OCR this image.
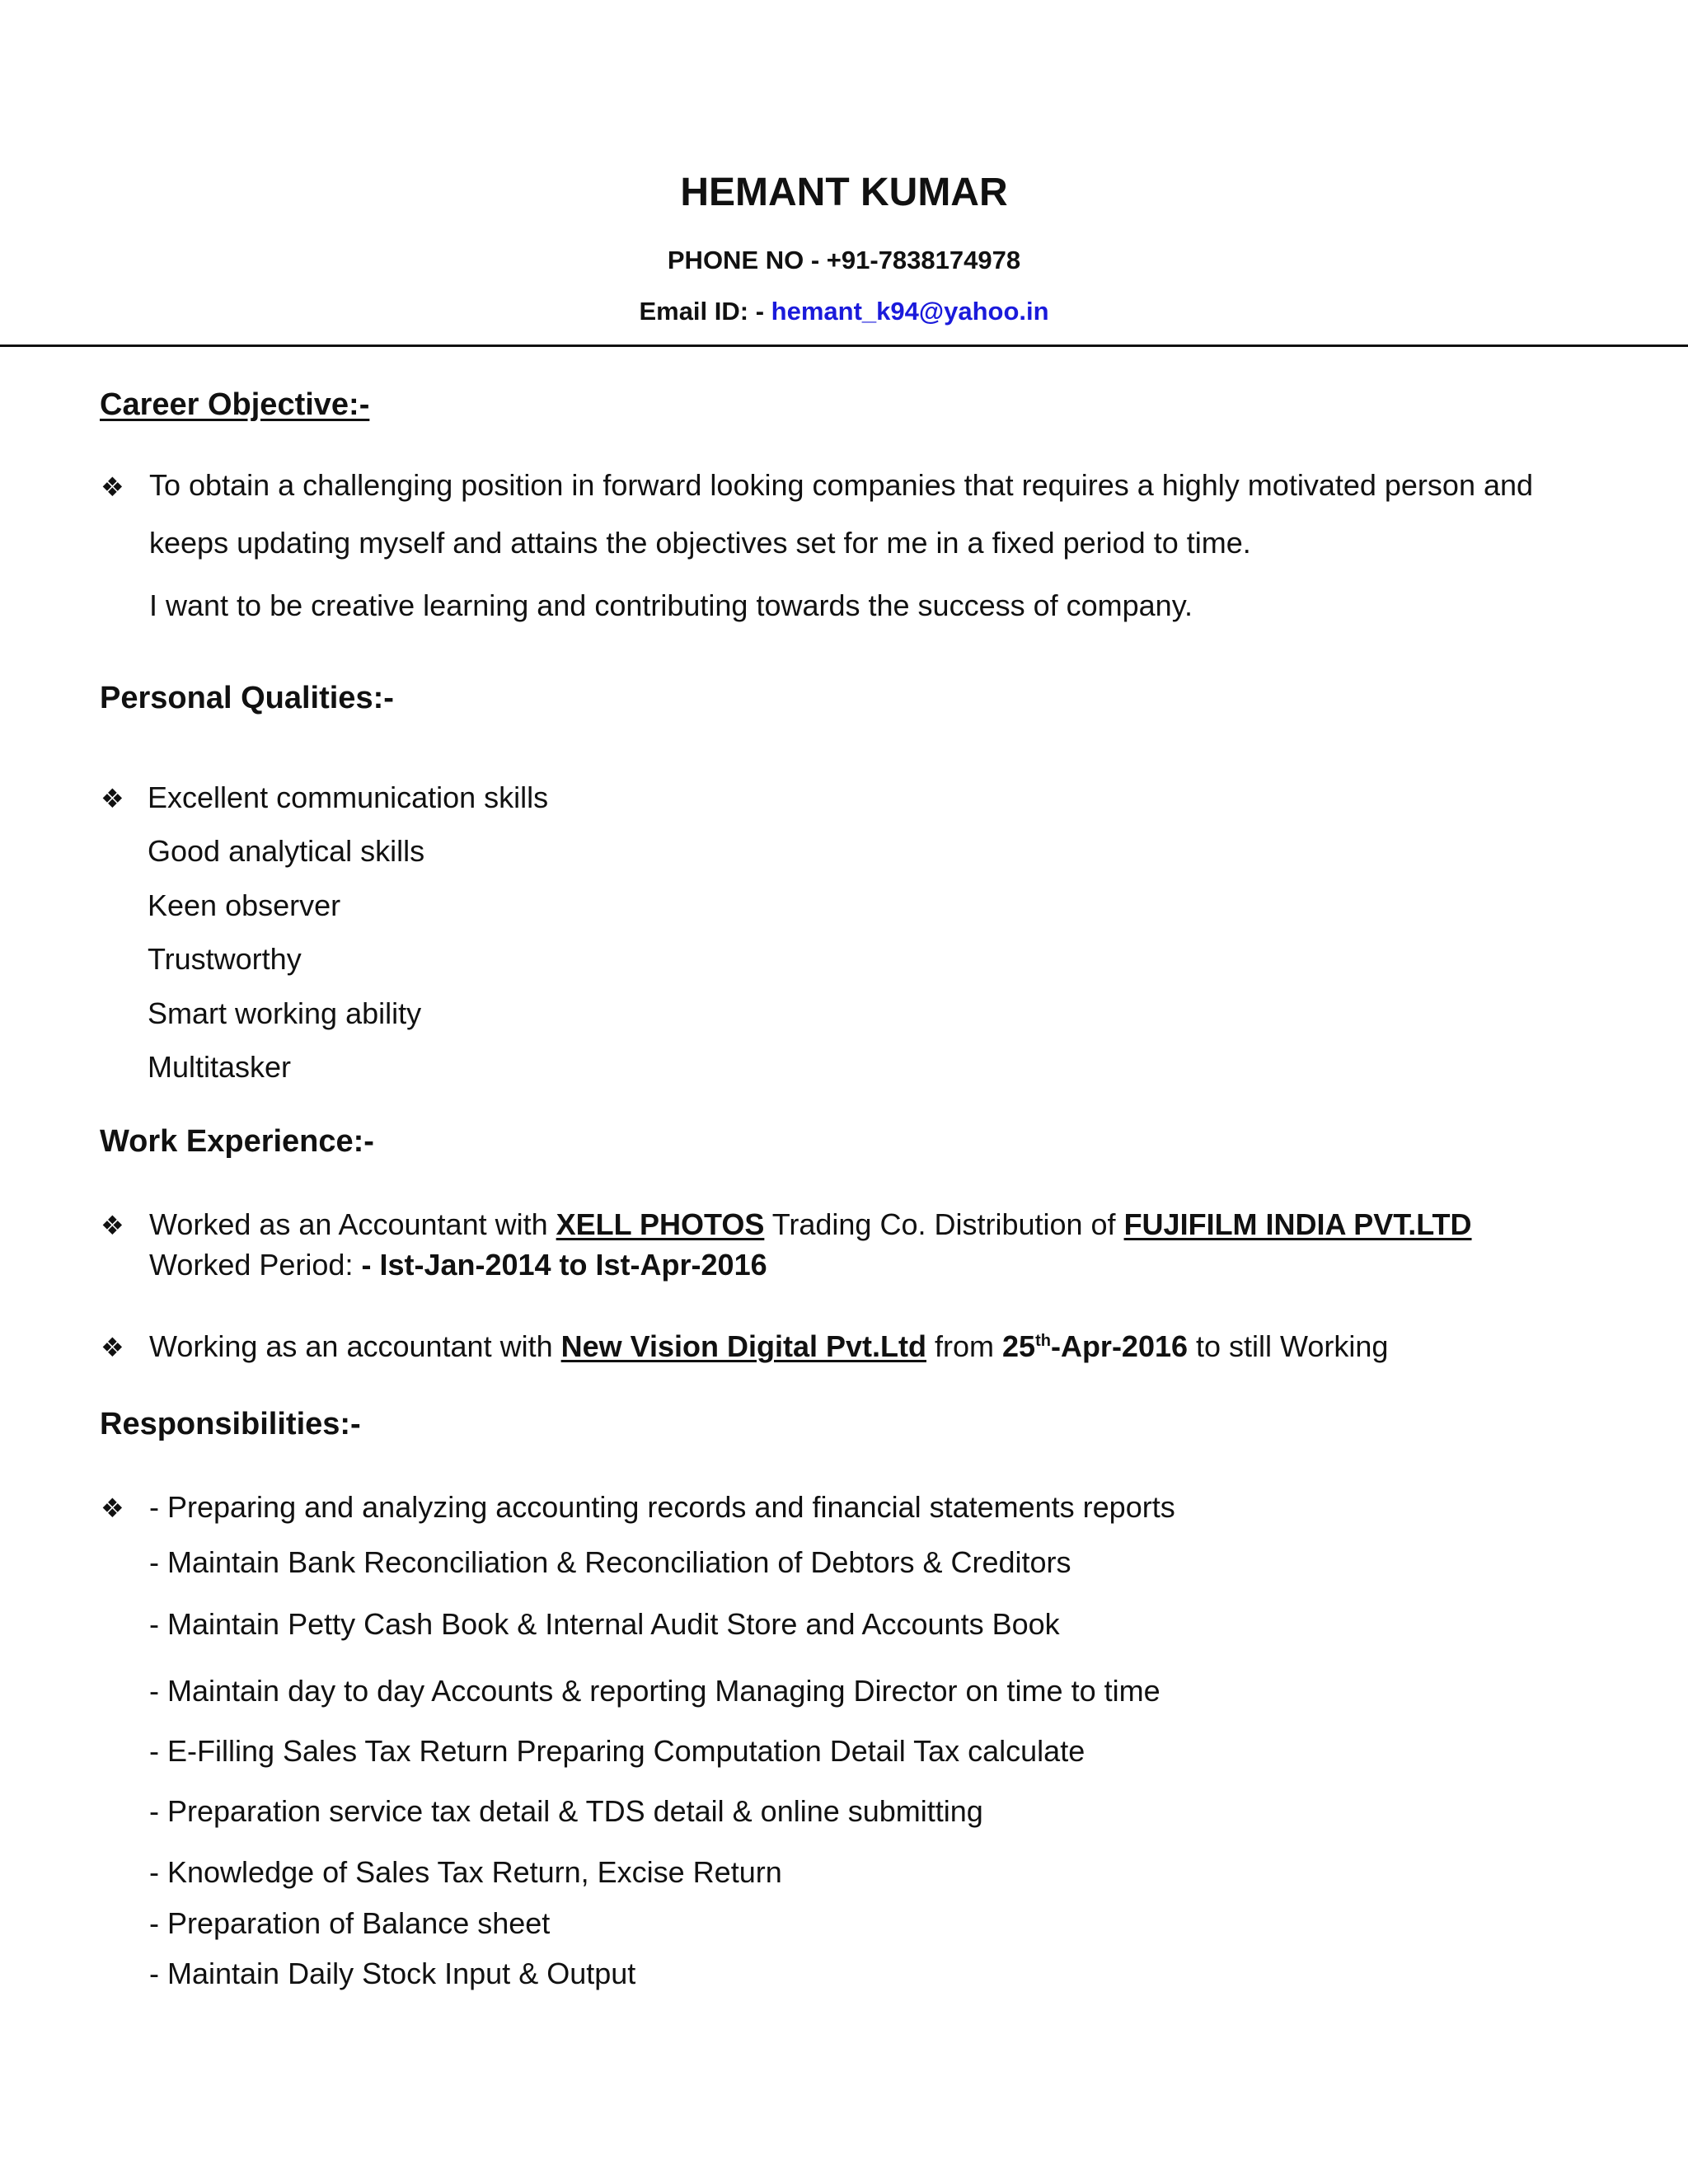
HEMANT KUMAR
PHONE NO - +91-7838174978
Email ID: - hemant_k94@yahoo.in
Career Objective:-
❖ To obtain a challenging position in forward looking companies that requires a highly motivated person and
keeps updating myself and attains the objectives set for me in a fixed period to time.
I want to be creative learning and contributing towards the success of company.
Personal Qualities:-
❖ Excellent communication skills
Good analytical skills
Keen observer
Trustworthy
Smart working ability
Multitasker
Work Experience:-
❖ Worked as an Accountant with XELL PHOTOS Trading Co. Distribution of FUJIFILM INDIA PVT.LTD
Worked Period: - Ist-Jan-2014 to Ist-Apr-2016
❖ Working as an accountant with New Vision Digital Pvt.Ltd from 25th-Apr-2016 to still Working
Responsibilities:-
❖ - Preparing and analyzing accounting records and financial statements reports
- Maintain Bank Reconciliation & Reconciliation of Debtors & Creditors
- Maintain Petty Cash Book & Internal Audit Store and Accounts Book
- Maintain day to day Accounts & reporting Managing Director on time to time
- E-Filling Sales Tax Return Preparing Computation Detail Tax calculate
- Preparation service tax detail & TDS detail & online submitting
- Knowledge of Sales Tax Return, Excise Return
- Preparation of Balance sheet
- Maintain Daily Stock Input & Output
